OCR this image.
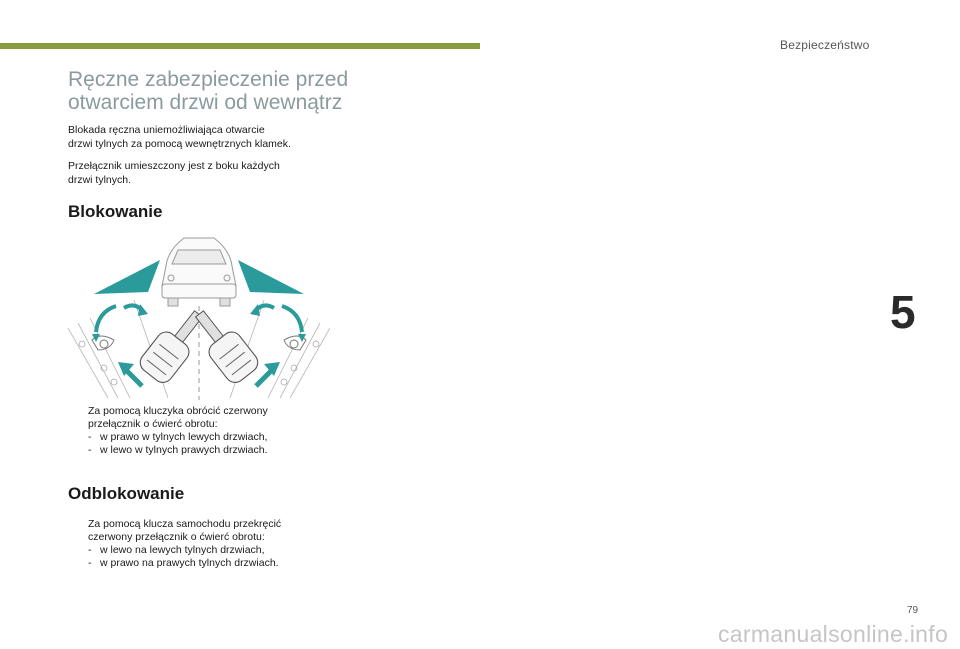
Bezpieczeństwo
5
Ręczne zabezpieczenie przed
otwarciem drzwi od wewnątrz

Blokada ręczna uniemożliwiająca otwarcie
drzwi tylnych za pomocą wewnętrznych klamek.

Przełącznik umieszczony jest z boku każdych
drzwi tylnych.

Blokowanie
Za pomocą kluczyka obrócić czerwony
przełącznik o ćwierć obrotu:
- w prawo w tylnych lewych drzwiach,
- w lewo w tylnych prawych drzwiach.
Odblokowanie
Za pomocą klucza samochodu przekręcić
czerwony przełącznik o ćwierć obrotu:
- w lewo na lewych tylnych drzwiach,
- w prawo na prawych tylnych drzwiach.
79
carmanualsonline.info
